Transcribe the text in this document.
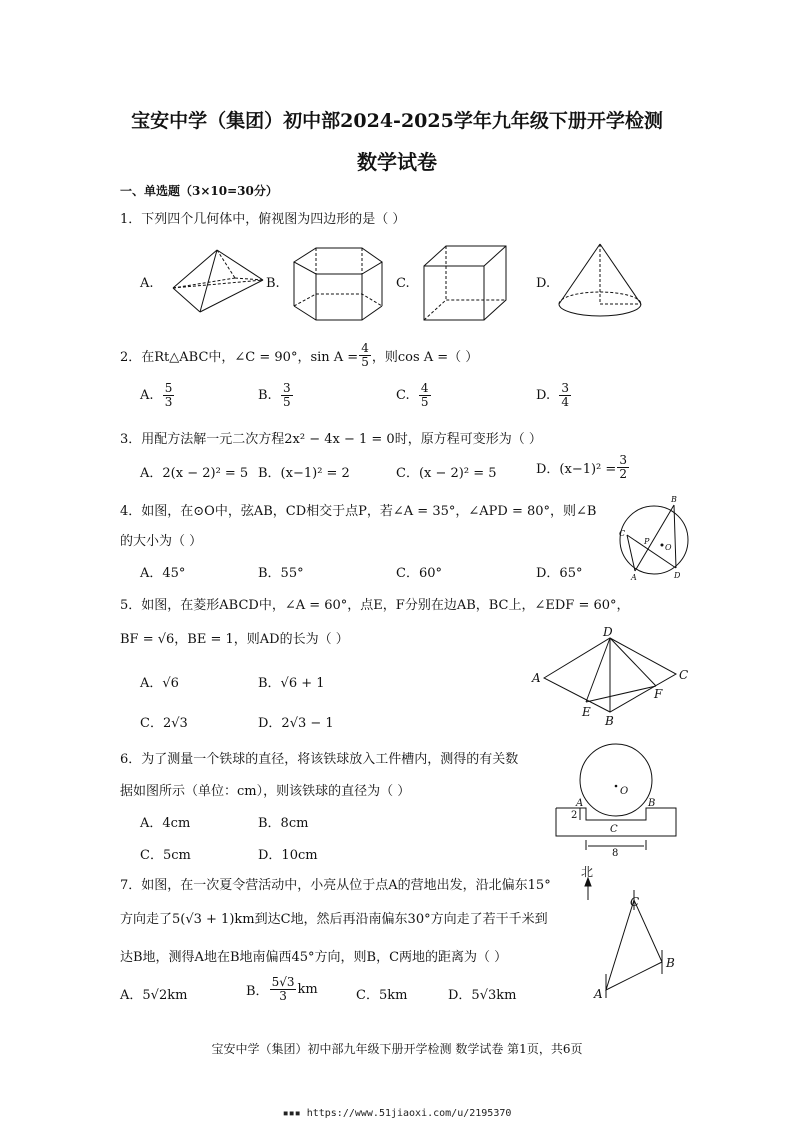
宝安中学（集团）初中部2024-2025学年九年级下册开学检测
数学试卷
一、单选题（3×10=30分）
1．下列四个几何体中，俯视图为四边形的是（ ）
A.	B.	C.	D.
2．在Rt△ABC中，∠C = 90°，$\sin A = \frac{4}{5}$ ，则cos A =（ ）
A.
$\frac{5}{3}$	B.
$\frac{3}{5}$	C.
$\frac{4}{5}$	D.
$\frac{3}{4}$
3．用配方法解一元二次方程2x² − 4x − 1 = 0时，原方程可变形为（ ）
A．2(x − 2)² = 5 B．(x−1)² = 2	C．(x − 2)² = 5	D．$(x-1)^2 = \frac{3}{2}$
4．如图，在⊙O中，弦AB，CD相交于点P，若∠A = 35°，∠APD = 80°，则∠B
的大小为（ ）
A．45°	B．55°	C．60°	D．65°
B
C
P
O
A	D
5．如图，在菱形ABCD中，∠A = 60°，点E，F分别在边AB，BC上，∠EDF = 60°，
BF = √6，BE = 1，则AD的长为（ ）
A．√6	B．√6 + 1
C．2√3	D．2√3 − 1
D
A	C
F
E
B
6．为了测量一个铁球的直径，将该铁球放入工件槽内，测得的有关数
据如图所示（单位：cm），则该铁球的直径为（ ）
A．4cm	B．8cm
C．5cm	D．10cm
O
A	B
2
C
8
7．如图，在一次夏令营活动中，小亮从位于点A的营地出发，沿北偏东15°
方向走了5(√3 + 1)km到达C地，然后再沿南偏东30°方向走了若干千米到
达B地，测得A地在B地南偏西45°方向，则B，C两地的距离为（ ）
A．5√2km	B． $\frac{5√3}{3}$ km	C．5km	D．5√3km
北
C
B
A
宝安中学（集团）初中部九年级下册开学检测 数学试卷 第1页，共6页
▪▪▪ https://www.51jiaoxi.com/u/2195370
